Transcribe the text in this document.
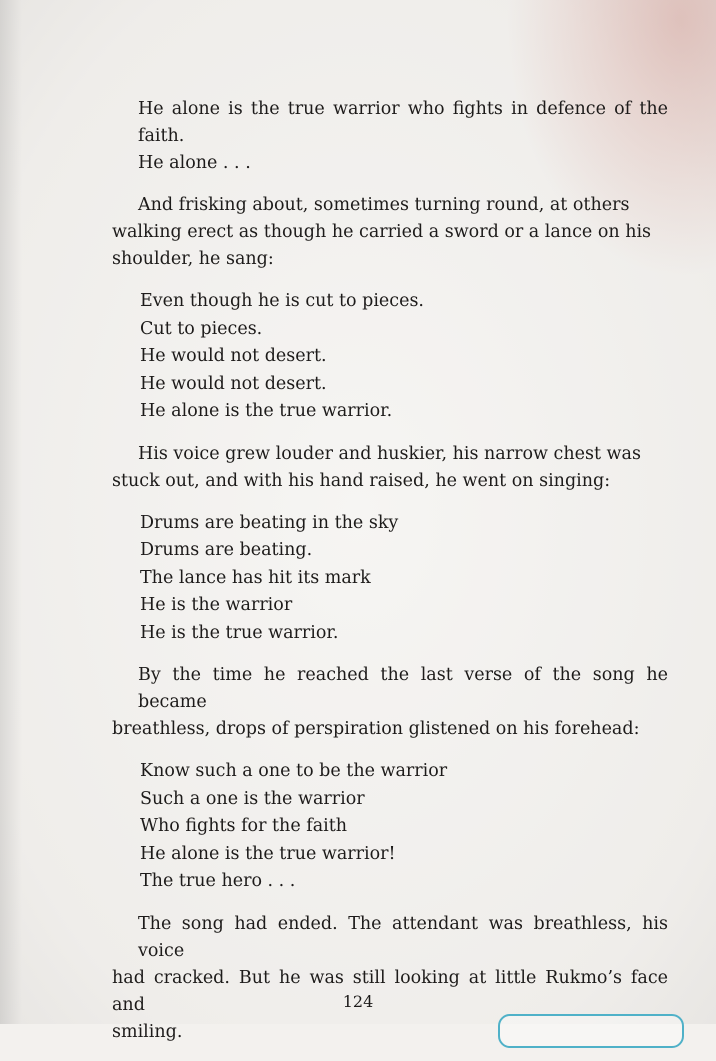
He alone is the true warrior who fights in defence of the faith.
He alone . . .
And frisking about, sometimes turning round, at others
walking erect as though he carried a sword or a lance on his
shoulder, he sang:
Even though he is cut to pieces.
Cut to pieces.
He would not desert.
He would not desert.
He alone is the true warrior.
His voice grew louder and huskier, his narrow chest was
stuck out, and with his hand raised, he went on singing:
Drums are beating in the sky
Drums are beating.
The lance has hit its mark
He is the warrior
He is the true warrior.
By the time he reached the last verse of the song he became
breathless, drops of perspiration glistened on his forehead:
Know such a one to be the warrior
Such a one is the warrior
Who fights for the faith
He alone is the true warrior!
The true hero . . .
The song had ended. The attendant was breathless, his voice
had cracked. But he was still looking at little Rukmo’s face and
smiling.
124
